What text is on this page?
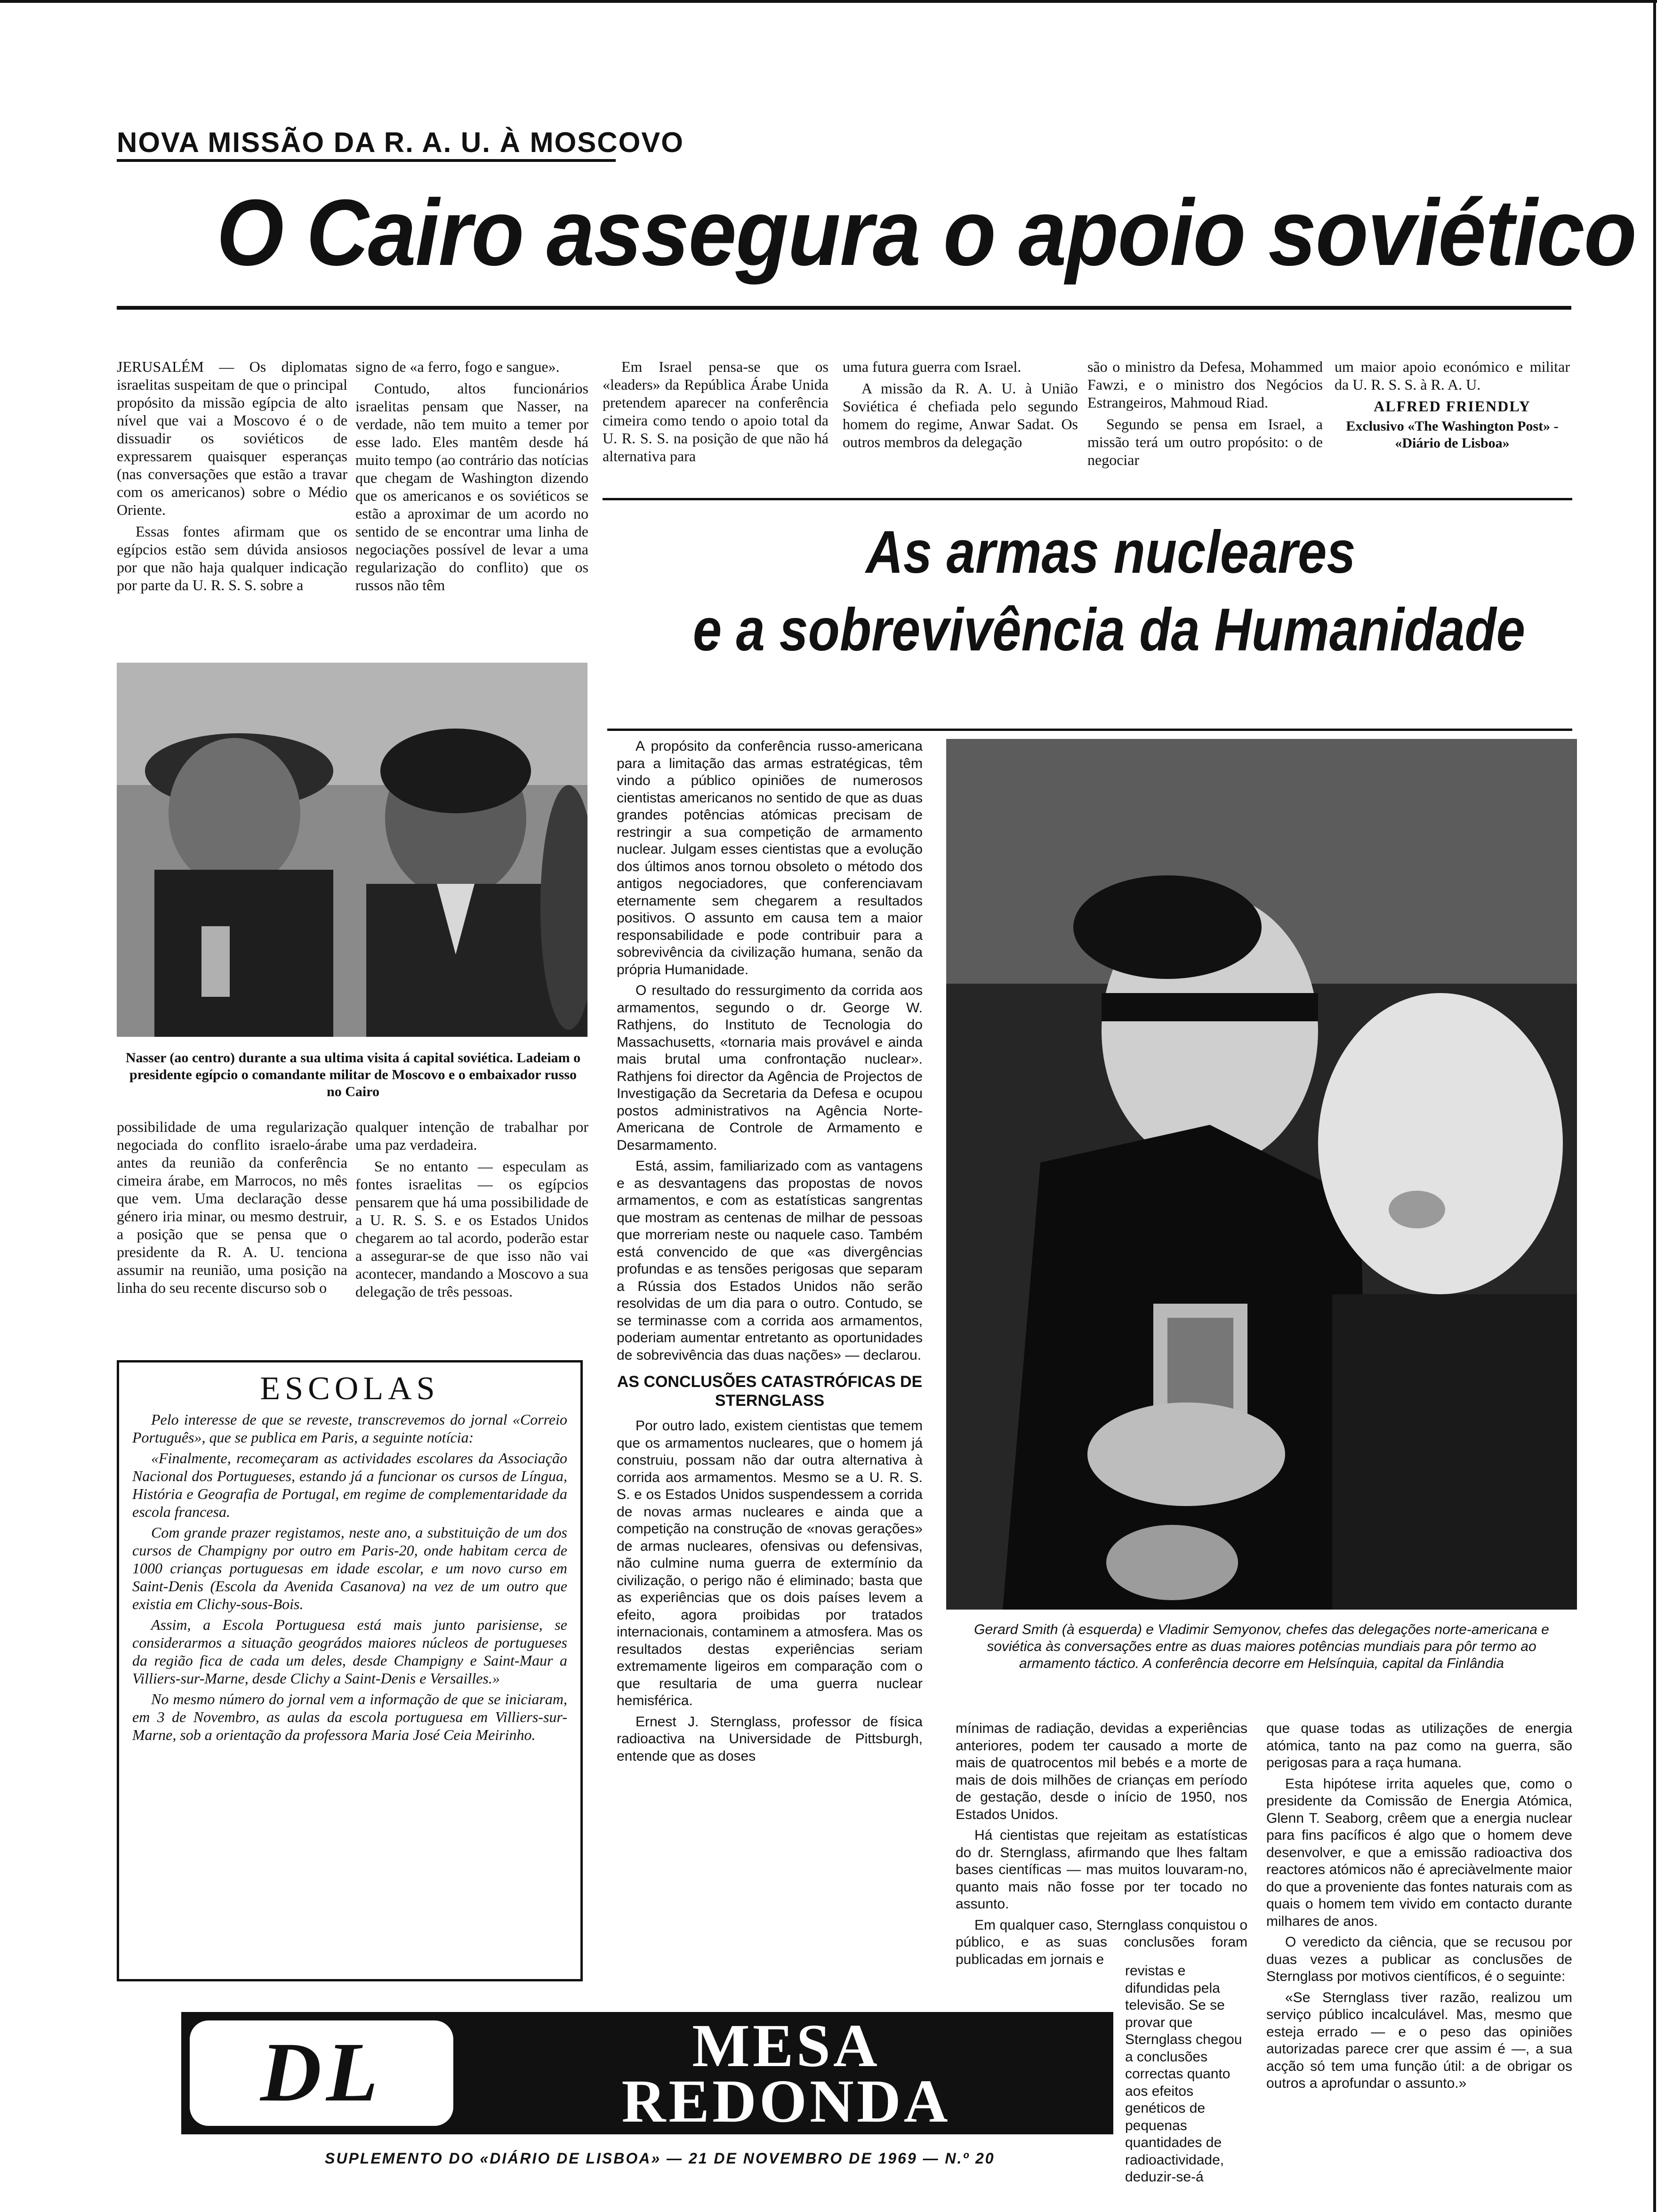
NOVA MISSÃO DA R. A. U. À MOSCOVO
O Cairo assegura o apoio soviético

JERUSALÉM — Os diplomatas israelitas suspeitam de que o principal propósito da missão egípcia de alto nível que vai a Moscovo é o de dissuadir os soviéticos de expressarem quaisquer esperanças (nas conversações que estão a travar com os americanos) sobre o Médio Oriente.

Essas fontes afirmam que os egípcios estão sem dúvida ansiosos por que não haja qualquer indicação por parte da U. R. S. S. sobre a

signo de «a ferro, fogo e sangue».

Contudo, altos funcionários israelitas pensam que Nasser, na verdade, não tem muito a temer por esse lado. Eles mantêm desde há muito tempo (ao contrário das notícias que chegam de Washington dizendo que os americanos e os soviéticos se estão a aproximar de um acordo no sentido de se encontrar uma linha de negociações possível de levar a uma regularização do conflito) que os russos não têm

Em Israel pensa-se que os «leaders» da República Árabe Unida pretendem aparecer na conferência cimeira como tendo o apoio total da U. R. S. S. na posição de que não há alternativa para

uma futura guerra com Israel.

A missão da R. A. U. à União Soviética é chefiada pelo segundo homem do regime, Anwar Sadat. Os outros membros da delegação

são o ministro da Defesa, Mohammed Fawzi, e o ministro dos Negócios Estrangeiros, Mahmoud Riad.

Segundo se pensa em Israel, a missão terá um outro propósito: o de negociar

um maior apoio económico e militar da U. R. S. S. à R. A. U.

ALFRED FRIENDLY
Exclusivo «The Washington Post» - «Diário de Lisboa»
Nasser (ao centro) durante a sua ultima visita á capital soviética. Ladeiam o presidente egípcio o comandante militar de Moscovo e o embaixador russo no Cairo

possibilidade de uma regularização negociada do conflito israelo-árabe antes da reunião da conferência cimeira árabe, em Marrocos, no mês que vem. Uma declaração desse género iria minar, ou mesmo destruir, a posição que se pensa que o presidente da R. A. U. tenciona assumir na reunião, uma posição na linha do seu recente discurso sob o

qualquer intenção de trabalhar por uma paz verdadeira.

Se no entanto — especulam as fontes israelitas — os egípcios pensarem que há uma possibilidade de a U. R. S. S. e os Estados Unidos chegarem ao tal acordo, poderão estar a assegurar-se de que isso não vai acontecer, mandando a Moscovo a sua delegação de três pessoas.

ESCOLAS

Pelo interesse de que se reveste, transcrevemos do jornal «Correio Português», que se publica em Paris, a seguinte notícia:

«Finalmente, recomeçaram as actividades escolares da Associação Nacional dos Portugueses, estando já a funcionar os cursos de Língua, História e Geografia de Portugal, em regime de complementaridade da escola francesa.

Com grande prazer registamos, neste ano, a substituição de um dos cursos de Champigny por outro em Paris-20, onde habitam cerca de 1000 crianças portuguesas em idade escolar, e um novo curso em Saint-Denis (Escola da Avenida Casanova) na vez de um outro que existia em Clichy-sous-Bois.

Assim, a Escola Portuguesa está mais junto parisiense, se considerarmos a situação geográdos maiores núcleos de portugueses da região fica de cada um deles, desde Champigny e Saint-Maur a Villiers-sur-Marne, desde Clichy a Saint-Denis e Versailles.»

No mesmo número do jornal vem a informação de que se iniciaram, em 3 de Novembro, as aulas da escola portuguesa em Villiers-sur-Marne, sob a orientação da professora Maria José Ceia Meirinho.

As armas nucleares
e a sobrevivência da Humanidade

A propósito da conferência russo-americana para a limitação das armas estratégicas, têm vindo a público opiniões de numerosos cientistas americanos no sentido de que as duas grandes potências atómicas precisam de restringir a sua competição de armamento nuclear. Julgam esses cientistas que a evolução dos últimos anos tornou obsoleto o método dos antigos negociadores, que conferenciavam eternamente sem chegarem a resultados positivos. O assunto em causa tem a maior responsabilidade e pode contribuir para a sobrevivência da civilização humana, senão da própria Humanidade.

O resultado do ressurgimento da corrida aos armamentos, segundo o dr. George W. Rathjens, do Instituto de Tecnologia do Massachusetts, «tornaria mais provável e ainda mais brutal uma confrontação nuclear». Rathjens foi director da Agência de Projectos de Investigação da Secretaria da Defesa e ocupou postos administrativos na Agência Norte-Americana de Controle de Armamento e Desarmamento.

Está, assim, familiarizado com as vantagens e as desvantagens das propostas de novos armamentos, e com as estatísticas sangrentas que mostram as centenas de milhar de pessoas que morreriam neste ou naquele caso. Também está convencido de que «as divergências profundas e as tensões perigosas que separam a Rússia dos Estados Unidos não serão resolvidas de um dia para o outro. Contudo, se se terminasse com a corrida aos armamentos, poderiam aumentar entretanto as oportunidades de sobrevivência das duas nações» — declarou.

AS CONCLUSÕES CATASTRÓFICAS DE STERNGLASS

Por outro lado, existem cientistas que temem que os armamentos nucleares, que o homem já construiu, possam não dar outra alternativa à corrida aos armamentos. Mesmo se a U. R. S. S. e os Estados Unidos suspendessem a corrida de novas armas nucleares e ainda que a competição na construção de «novas gerações» de armas nucleares, ofensivas ou defensivas, não culmine numa guerra de extermínio da civilização, o perigo não é eliminado; basta que as experiências que os dois países levem a efeito, agora proibidas por tratados internacionais, contaminem a atmosfera. Mas os resultados destas experiências seriam extremamente ligeiros em comparação com o que resultaria de uma guerra nuclear hemisférica.

Ernest J. Sternglass, professor de física radioactiva na Universidade de Pittsburgh, entende que as doses

Gerard Smith (à esquerda) e Vladimir Semyonov, chefes das delegações norte-americana e soviética às conversações entre as duas maiores potências mundiais para pôr termo ao armamento táctico. A conferência decorre em Helsínquia, capital da Finlândia

mínimas de radiação, devidas a experiências anteriores, podem ter causado a morte de mais de quatrocentos mil bebés e a morte de mais de dois milhões de crianças em período de gestação, desde o início de 1950, nos Estados Unidos.

Há cientistas que rejeitam as estatísticas do dr. Sternglass, afirmando que lhes faltam bases científicas — mas muitos louvaram-no, quanto mais não fosse por ter tocado no assunto.

Em qualquer caso, Sternglass conquistou o público, e as suas conclusões foram publicadas em jornais e

revistas e difundidas pela televisão. Se se provar que Sternglass chegou a conclusões correctas quanto aos efeitos genéticos de pequenas quantidades de radioactividade, deduzir-se-á

que quase todas as utilizações de energia atómica, tanto na paz como na guerra, são perigosas para a raça humana.

Esta hipótese irrita aqueles que, como o presidente da Comissão de Energia Atómica, Glenn T. Seaborg, crêem que a energia nuclear para fins pacíficos é algo que o homem deve desenvolver, e que a emissão radioactiva dos reactores atómicos não é apreciàvelmente maior do que a proveniente das fontes naturais com as quais o homem tem vivido em contacto durante milhares de anos.

O veredicto da ciência, que se recusou por duas vezes a publicar as conclusões de Sternglass por motivos científicos, é o seguinte:

«Se Sternglass tiver razão, realizou um serviço público incalculável. Mas, mesmo que esteja errado — e o peso das opiniões autorizadas parece crer que assim é —, a sua acção só tem uma função útil: a de obrigar os outros a aprofundar o assunto.»

DL	MESA
REDONDA
SUPLEMENTO DO «DIÁRIO DE LISBOA» — 21 DE NOVEMBRO DE 1969 — N.º 20
